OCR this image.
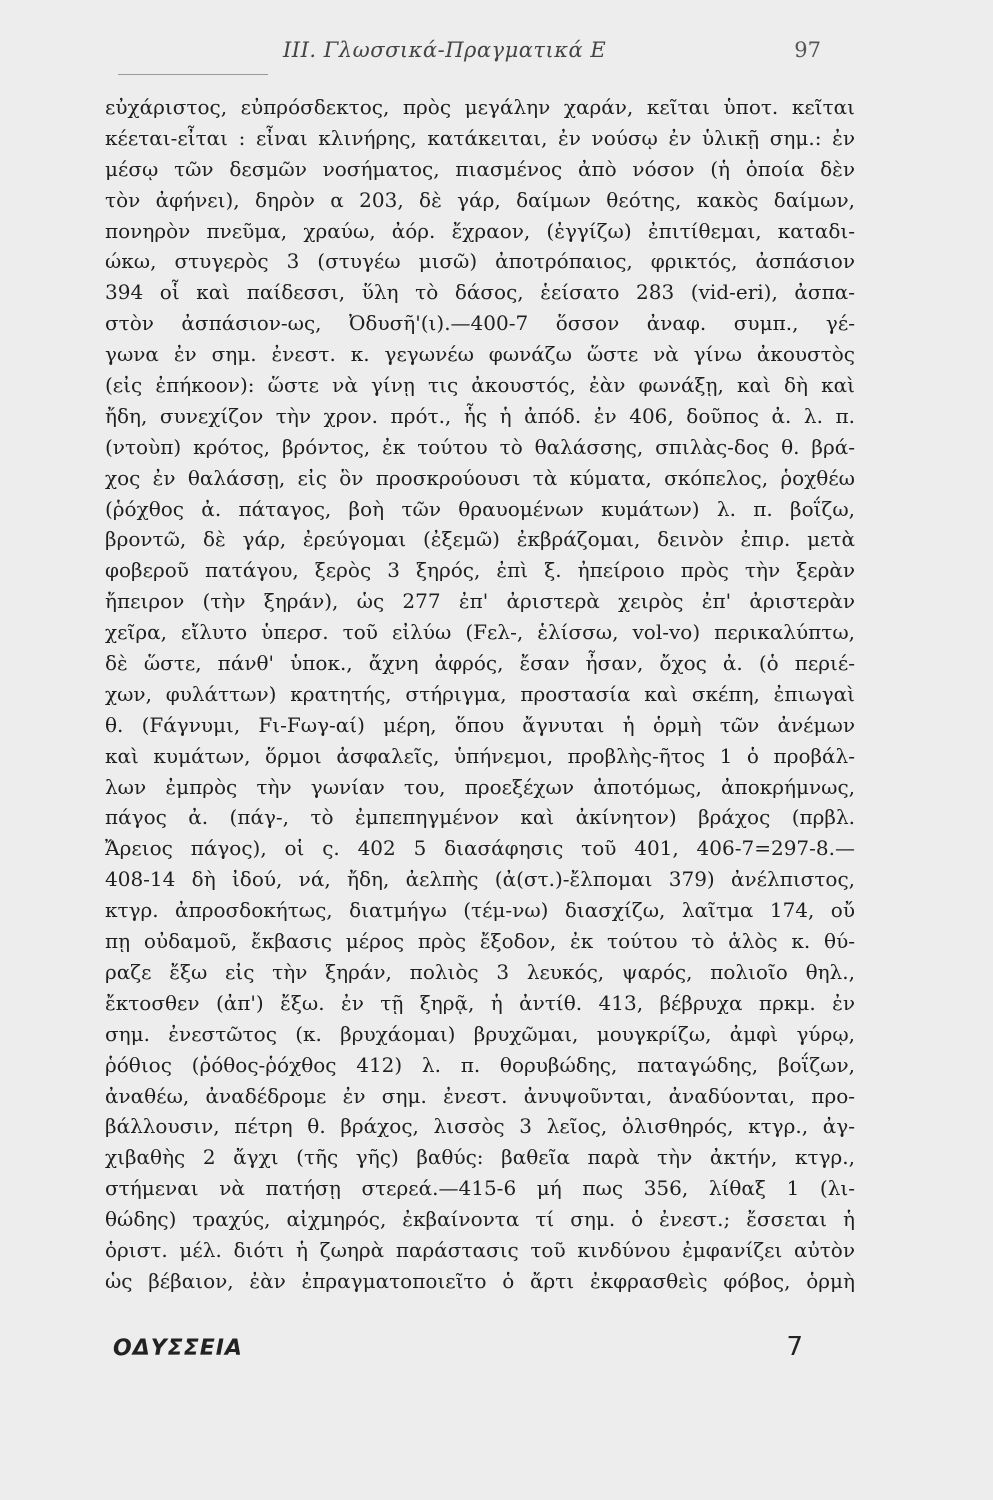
III. Γλωσσικά-Πραγματικά Ε	97
εὐχάριστος, εὐπρόσδεκτος, πρὸς μεγάλην χαράν, κεῖται ὑποτ. κεῖται
κέεται-εἶται : εἶναι κλινήρης, κατάκειται, ἐν νούσῳ ἐν ὑλικῇ σημ.: ἐν
μέσῳ τῶν δεσμῶν νοσήματος, πιασμένος ἀπὸ νόσον (ἡ ὁποία δὲν
τὸν ἀφήνει), δηρὸν α 203, δὲ γάρ, δαίμων θεότης, κακὸς δαίμων,
πονηρὸν πνεῦμα, χραύω, ἀόρ. ἔχραον, (ἐγγίζω) ἐπιτίθεμαι, καταδι-
ώκω, στυγερὸς 3 (στυγέω μισῶ) ἀποτρόπαιος, φρικτός, ἀσπάσιον
394 οἷ καὶ παίδεσσι, ὕλη τὸ δάσος, ἑείσατο 283 (vid-eri), ἀσπα-
στὸν ἀσπάσιον-ως, Ὀδυσῆ'(ι).—400-7 ὅσσον ἀναφ. συμπ., γέ-
γωνα ἐν σημ. ἐνεστ. κ. γεγωνέω φωνάζω ὥστε νὰ γίνω ἀκουστὸς
(εἰς ἐπήκοον): ὥστε νὰ γίνῃ τις ἀκουστός, ἐὰν φωνάξῃ, καὶ δὴ καὶ
ἤδη, συνεχίζον τὴν χρον. πρότ., ἧς ἡ ἀπόδ. ἐν 406, δοῦπος ἀ. λ. π.
(ντοὺπ) κρότος, βρόντος, ἐκ τούτου τὸ θαλάσσης, σπιλὰς-δος θ. βρά-
χος ἐν θαλάσσῃ, εἰς ὃν προσκρούουσι τὰ κύματα, σκόπελος, ῥοχθέω
(ῥόχθος ἀ. πάταγος, βοὴ τῶν θραυομένων κυμάτων) λ. π. βοΐζω,
βροντῶ, δὲ γάρ, ἐρεύγομαι (ἐξεμῶ) ἐκβράζομαι, δεινὸν ἐπιρ. μετὰ
φοβεροῦ πατάγου, ξερὸς 3 ξηρός, ἐπὶ ξ. ἠπείροιο πρὸς τὴν ξερὰν
ἤπειρον (τὴν ξηράν), ὡς 277 ἐπ' ἀριστερὰ χειρὸς ἐπ' ἀριστερὰν
χεῖρα, εἴλυτο ὑπερσ. τοῦ εἰλύω (Fελ-, ἑλίσσω, vol-vo) περικαλύπτω,
δὲ ὥστε, πάνθ' ὑποκ., ἄχνη ἀφρός, ἔσαν ἦσαν, ὄχος ἀ. (ὁ περιέ-
χων, φυλάττων) κρατητής, στήριγμα, προστασία καὶ σκέπη, ἐπιωγαὶ
θ. (Fάγνυμι, Fι-Fωγ-αί) μέρη, ὅπου ἄγνυται ἡ ὁρμὴ τῶν ἀνέμων
καὶ κυμάτων, ὅρμοι ἀσφαλεῖς, ὑπήνεμοι, προβλὴς-ῆτος 1 ὁ προβάλ-
λων ἐμπρὸς τὴν γωνίαν του, προεξέχων ἀποτόμως, ἀποκρήμνως,
πάγος ἀ. (πάγ-, τὸ ἐμπεπηγμένον καὶ ἀκίνητον) βράχος (πρβλ.
Ἄρειος πάγος), οἱ ς. 402 5 διασάφησις τοῦ 401, 406-7=297-8.—
408-14 δὴ ἰδού, νά, ἤδη, ἀελπὴς (ἀ(στ.)-ἔλπομαι 379) ἀνέλπιστος,
κτγρ. ἀπροσδοκήτως, διατμήγω (τέμ-νω) διασχίζω, λαῖτμα 174, οὔ
πῃ οὐδαμοῦ, ἔκβασις μέρος πρὸς ἔξοδον, ἐκ τούτου τὸ ἁλὸς κ. θύ-
ραζε ἔξω εἰς τὴν ξηράν, πολιὸς 3 λευκός, ψαρός, πολιοῖο θηλ.,
ἔκτοσθεν (ἀπ') ἔξω. ἐν τῇ ξηρᾷ, ἡ ἀντίθ. 413, βέβρυχα πρκμ. ἐν
σημ. ἐνεστῶτος (κ. βρυχάομαι) βρυχῶμαι, μουγκρίζω, ἀμφὶ γύρῳ,
ῥόθιος (ῥόθος-ῥόχθος 412) λ. π. θορυβώδης, παταγώδης, βοΐζων,
ἀναθέω, ἀναδέδρομε ἐν σημ. ἐνεστ. ἀνυψοῦνται, ἀναδύονται, προ-
βάλλουσιν, πέτρη θ. βράχος, λισσὸς 3 λεῖος, ὀλισθηρός, κτγρ., ἀγ-
χιβαθὴς 2 ἄγχι (τῆς γῆς) βαθύς: βαθεῖα παρὰ τὴν ἀκτήν, κτγρ.,
στήμεναι νὰ πατήσῃ στερεά.—415-6 μή πως 356, λίθαξ 1 (λι-
θώδης) τραχύς, αἰχμηρός, ἐκβαίνοντα τί σημ. ὁ ἐνεστ.; ἔσσεται ἡ
ὁριστ. μέλ. διότι ἡ ζωηρὰ παράστασις τοῦ κινδύνου ἐμφανίζει αὐτὸν
ὡς βέβαιον, ἐὰν ἐπραγματοποιεῖτο ὁ ἄρτι ἐκφρασθεὶς φόβος, ὁρμὴ
ΟΔΥΣΣΕΙΑ	7
